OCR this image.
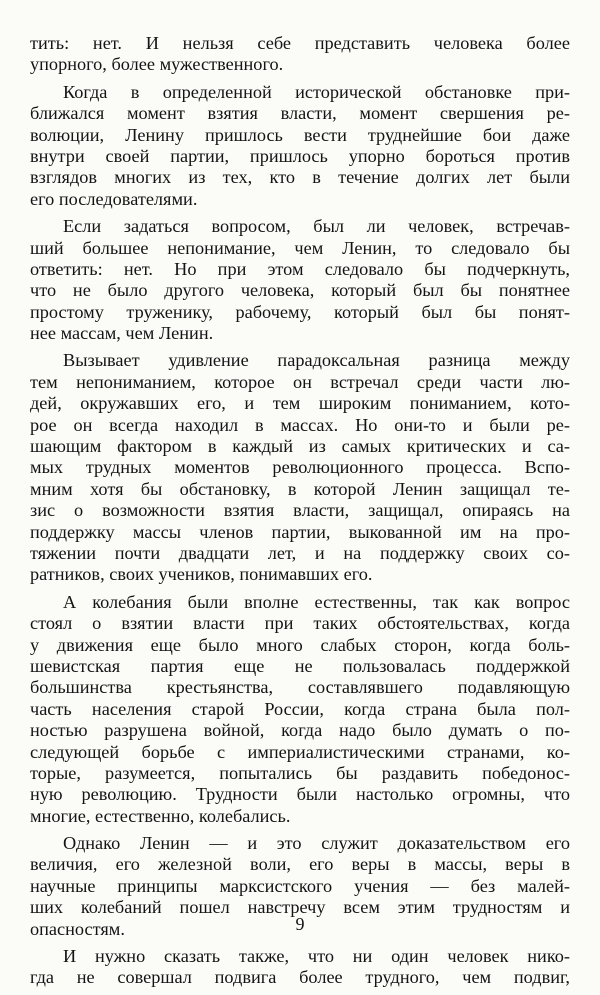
тить: нет. И нельзя себе представить человека более
упорного, более мужественного.
Когда в определенной исторической обстановке при-
ближался момент взятия власти, момент свершения ре-
волюции, Ленину пришлось вести труднейшие бои даже
внутри своей партии, пришлось упорно бороться против
взглядов многих из тех, кто в течение долгих лет были
его последователями.
Если задаться вопросом, был ли человек, встречав-
ший большее непонимание, чем Ленин, то следовало бы
ответить: нет. Но при этом следовало бы подчеркнуть,
что не было другого человека, который был бы понятнее
простому труженику, рабочему, который был бы понят-
нее массам, чем Ленин.
Вызывает удивление парадоксальная разница между
тем непониманием, которое он встречал среди части лю-
дей, окружавших его, и тем широким пониманием, кото-
рое он всегда находил в массах. Но они-то и были ре-
шающим фактором в каждый из самых критических и са-
мых трудных моментов революционного процесса. Вспо-
мним хотя бы обстановку, в которой Ленин защищал те-
зис о возможности взятия власти, защищал, опираясь на
поддержку массы членов партии, выкованной им на про-
тяжении почти двадцати лет, и на поддержку своих со-
ратников, своих учеников, понимавших его.
А колебания были вполне естественны, так как вопрос
стоял о взятии власти при таких обстоятельствах, когда
у движения еще было много слабых сторон, когда боль-
шевистская партия еще не пользовалась поддержкой
большинства крестьянства, составлявшего подавляющую
часть населения старой России, когда страна была пол-
ностью разрушена войной, когда надо было думать о по-
следующей борьбе с империалистическими странами, ко-
торые, разумеется, попытались бы раздавить победонос-
ную революцию. Трудности были настолько огромны, что
многие, естественно, колебались.
Однако Ленин — и это служит доказательством его
величия, его железной воли, его веры в массы, веры в
научные принципы марксистского учения — без малей-
ших колебаний пошел навстречу всем этим трудностям и
опасностям.
И нужно сказать также, что ни один человек нико-
гда не совершал подвига более трудного, чем подвиг,
9
